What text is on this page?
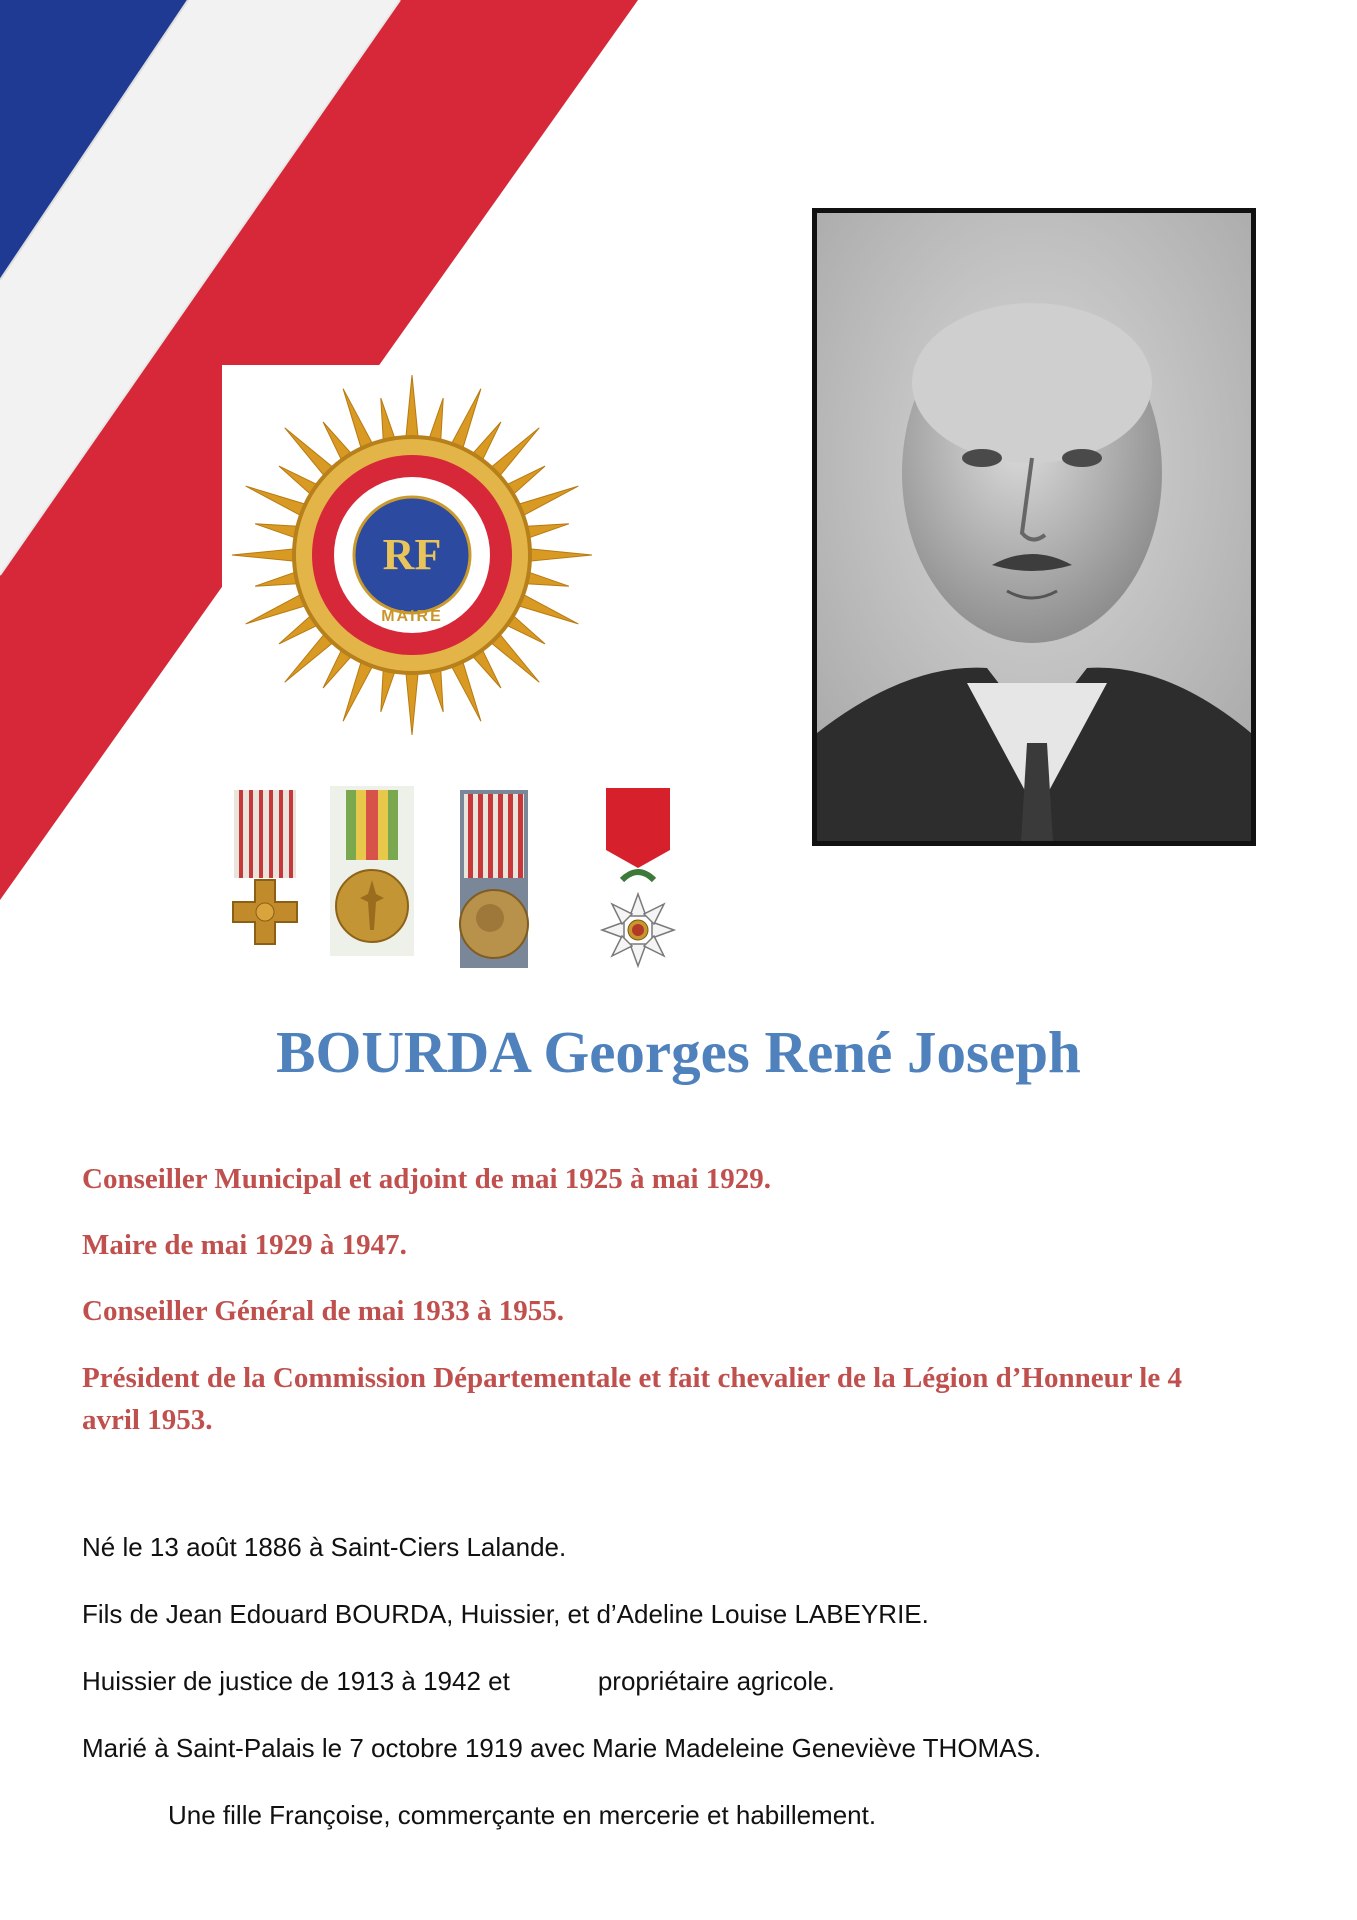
RF
MAIRE
BOURDA Georges René Joseph

Conseiller Municipal et adjoint de mai 1925 à mai 1929.

Maire de mai 1929 à 1947.

Conseiller Général de mai 1933 à 1955.

Président de la Commission Départementale et fait chevalier de la Légion d’Honneur le 4 avril 1953.

Né le 13 août 1886 à Saint-Ciers Lalande.

Fils de Jean Edouard BOURDA, Huissier, et d’Adeline Louise LABEYRIE.

Huissier de justice de 1913 à 1942 et	propriétaire agricole.

Marié à Saint-Palais le 7 octobre 1919 avec Marie Madeleine Geneviève THOMAS.

Une fille Françoise, commerçante en mercerie et habillement.
